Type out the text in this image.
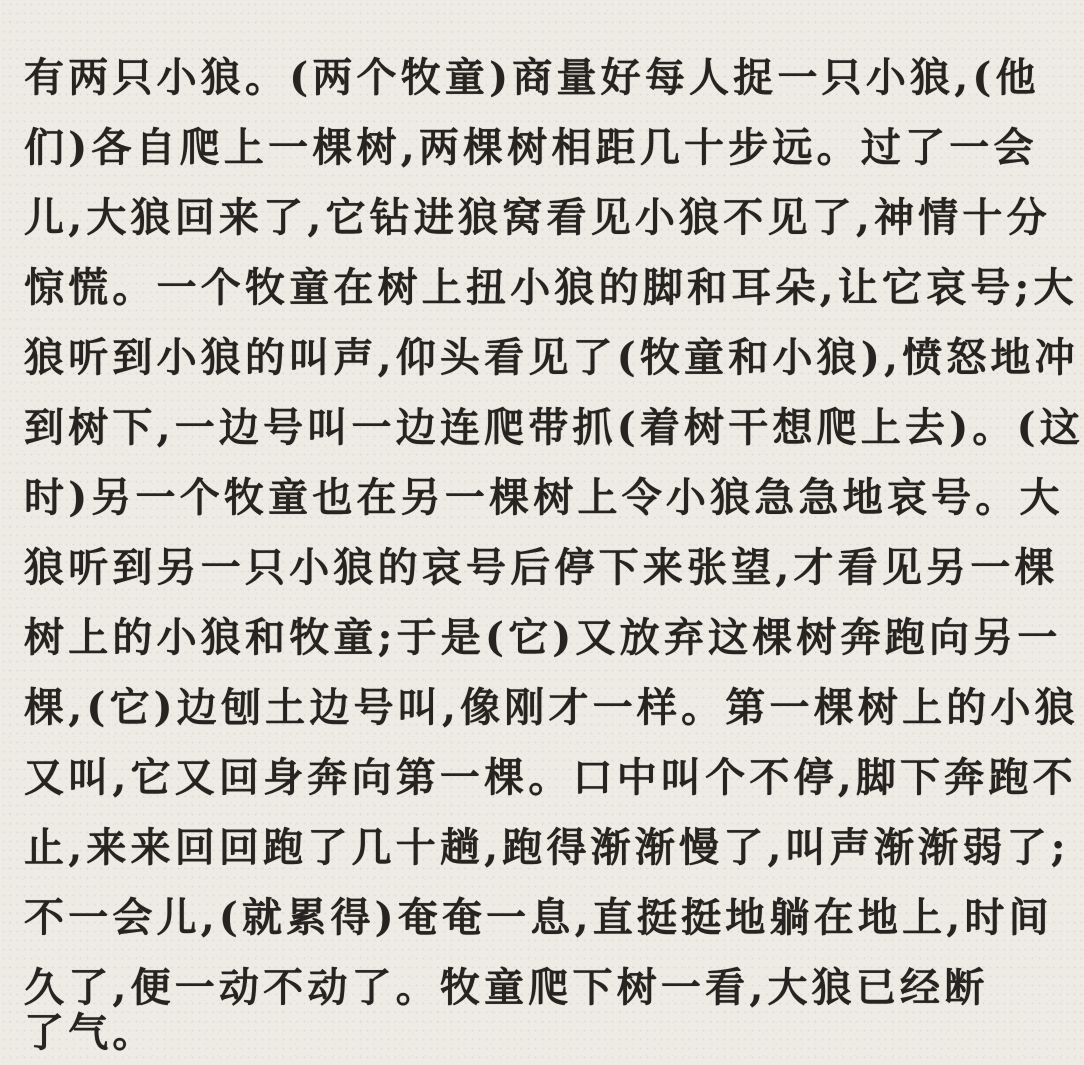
有两只小狼。(两个牧童)商量好每人捉一只小狼,(他
们)各自爬上一棵树,两棵树相距几十步远。过了一会
儿,大狼回来了,它钻进狼窝看见小狼不见了,神情十分
惊慌。一个牧童在树上扭小狼的脚和耳朵,让它哀号;大
狼听到小狼的叫声,仰头看见了(牧童和小狼),愤怒地冲
到树下,一边号叫一边连爬带抓(着树干想爬上去)。(这
时)另一个牧童也在另一棵树上令小狼急急地哀号。大
狼听到另一只小狼的哀号后停下来张望,才看见另一棵
树上的小狼和牧童;于是(它)又放弃这棵树奔跑向另一
棵,(它)边刨土边号叫,像刚才一样。第一棵树上的小狼
又叫,它又回身奔向第一棵。口中叫个不停,脚下奔跑不
止,来来回回跑了几十趟,跑得渐渐慢了,叫声渐渐弱了;
不一会儿,(就累得)奄奄一息,直挺挺地躺在地上,时间
久了,便一动不动了。牧童爬下树一看,大狼已经断
了气。
